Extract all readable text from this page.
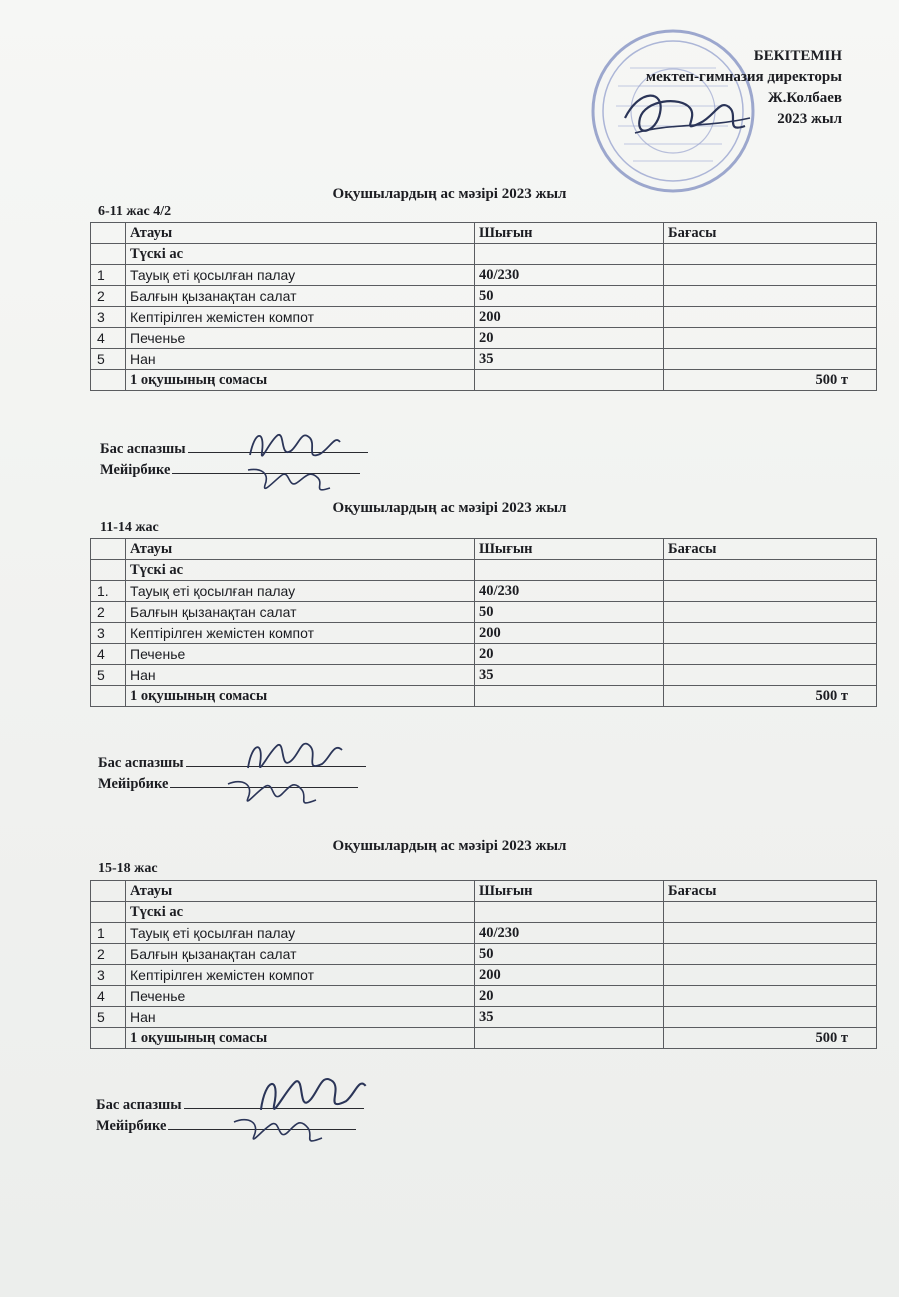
БЕКІТЕМІН
мектеп-гимназия директоры
Ж.Колбаев
2023 жыл
Оқушылардың ас мәзірі 2023 жыл
6-11 жас 4/2
	Атауы	Шығын	Бағасы
	Түскі ас		
1	Тауық еті қосылған палау	40/230	
2	Балғын қызанақтан салат	50	
3	Кептірілген жемістен компот	200	
4	Печенье	20	
5	Нан	35	
	1 оқушының сомасы		500 т
Бас аспазшы
Мейірбике
Оқушылардың ас мәзірі 2023 жыл
11-14 жас
	Атауы	Шығын	Бағасы
	Түскі ас		
1.	Тауық еті қосылған палау	40/230	
2	Балғын қызанақтан салат	50	
3	Кептірілген жемістен компот	200	
4	Печенье	20	
5	Нан	35	
	1 оқушының сомасы		500 т
Бас аспазшы
Мейірбике
Оқушылардың ас мәзірі 2023 жыл
15-18 жас
	Атауы	Шығын	Бағасы
	Түскі ас		
1	Тауық еті қосылған палау	40/230	
2	Балғын қызанақтан салат	50	
3	Кептірілген жемістен компот	200	
4	Печенье	20	
5	Нан	35	
	1 оқушының сомасы		500 т
Бас аспазшы
Мейірбике
